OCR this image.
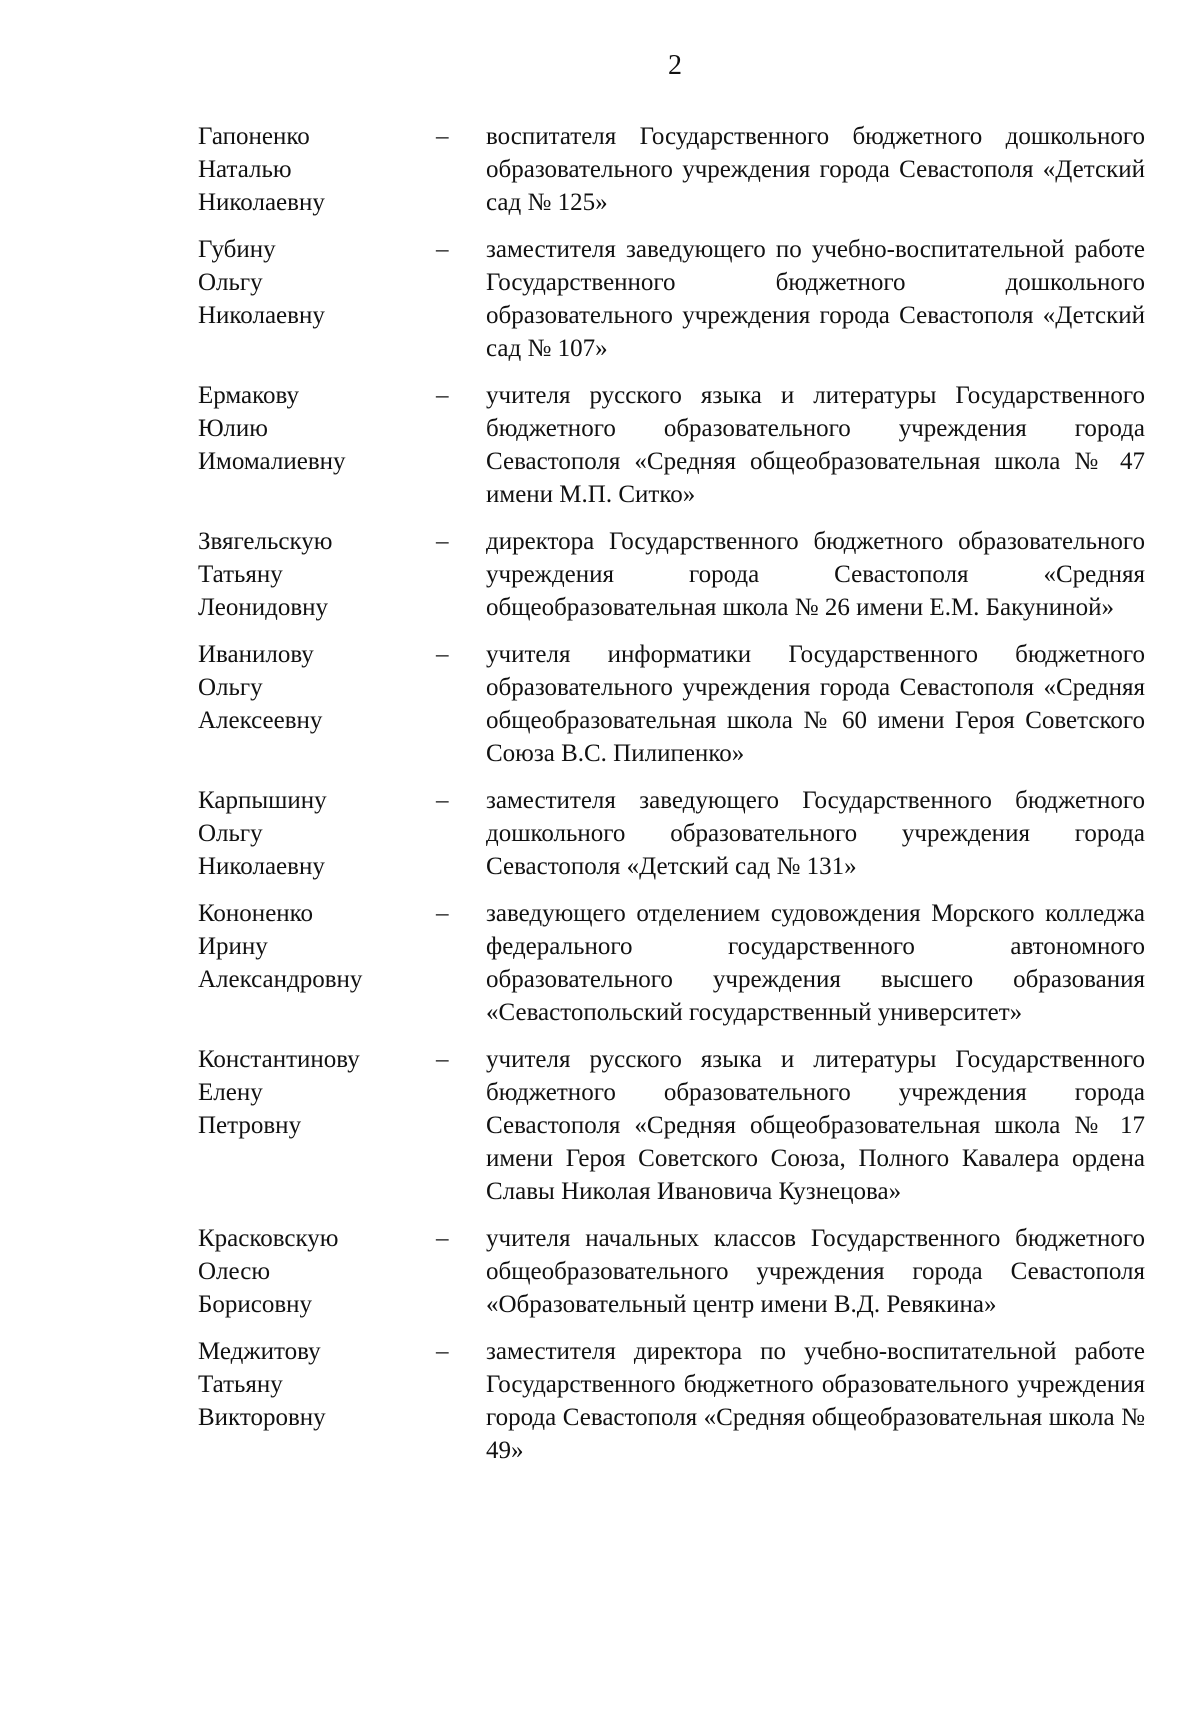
2
Гапоненко
Наталью
Николаевну
–	воспитателя Государственного бюджетного дошкольного образовательного учреждения города Севастополя «Детский сад № 125»
Губину
Ольгу
Николаевну
–	заместителя заведующего по учебно-воспитательной работе Государственного бюджетного дошкольного образовательного учреждения города Севастополя «Детский сад № 107»
Ермакову
Юлию
Имомалиевну
–	учителя русского языка и литературы Государственного бюджетного образовательного учреждения города Севастополя «Средняя общеобразовательная школа № 47 имени М.П. Ситко»
Звягельскую
Татьяну
Леонидовну
–	директора Государственного бюджетного образовательного учреждения города Севастополя «Средняя общеобразовательная школа № 26 имени Е.М. Бакуниной»
Иванилову
Ольгу
Алексеевну
–	учителя информатики Государственного бюджетного образовательного учреждения города Севастополя «Средняя общеобразовательная школа № 60 имени Героя Советского Союза В.С. Пилипенко»
Карпышину
Ольгу
Николаевну
–	заместителя заведующего Государственного бюджетного дошкольного образовательного учреждения города Севастополя «Детский сад № 131»
Кононенко
Ирину
Александровну
–	заведующего отделением судовождения Морского колледжа федерального государственного автономного образовательного учреждения высшего образования «Севастопольский государственный университет»
Константинову
Елену
Петровну
–	учителя русского языка и литературы Государственного бюджетного образовательного учреждения города Севастополя «Средняя общеобразовательная школа № 17 имени Героя Советского Союза, Полного Кавалера ордена Славы Николая Ивановича Кузнецова»
Красковскую
Олесю
Борисовну
–	учителя начальных классов Государственного бюджетного общеобразовательного учреждения города Севастополя «Образовательный центр имени В.Д. Ревякина»
Меджитову
Татьяну
Викторовну
–	заместителя директора по учебно-воспитательной работе Государственного бюджетного образовательного учреждения города Севастополя «Средняя общеобразовательная школа № 49»
